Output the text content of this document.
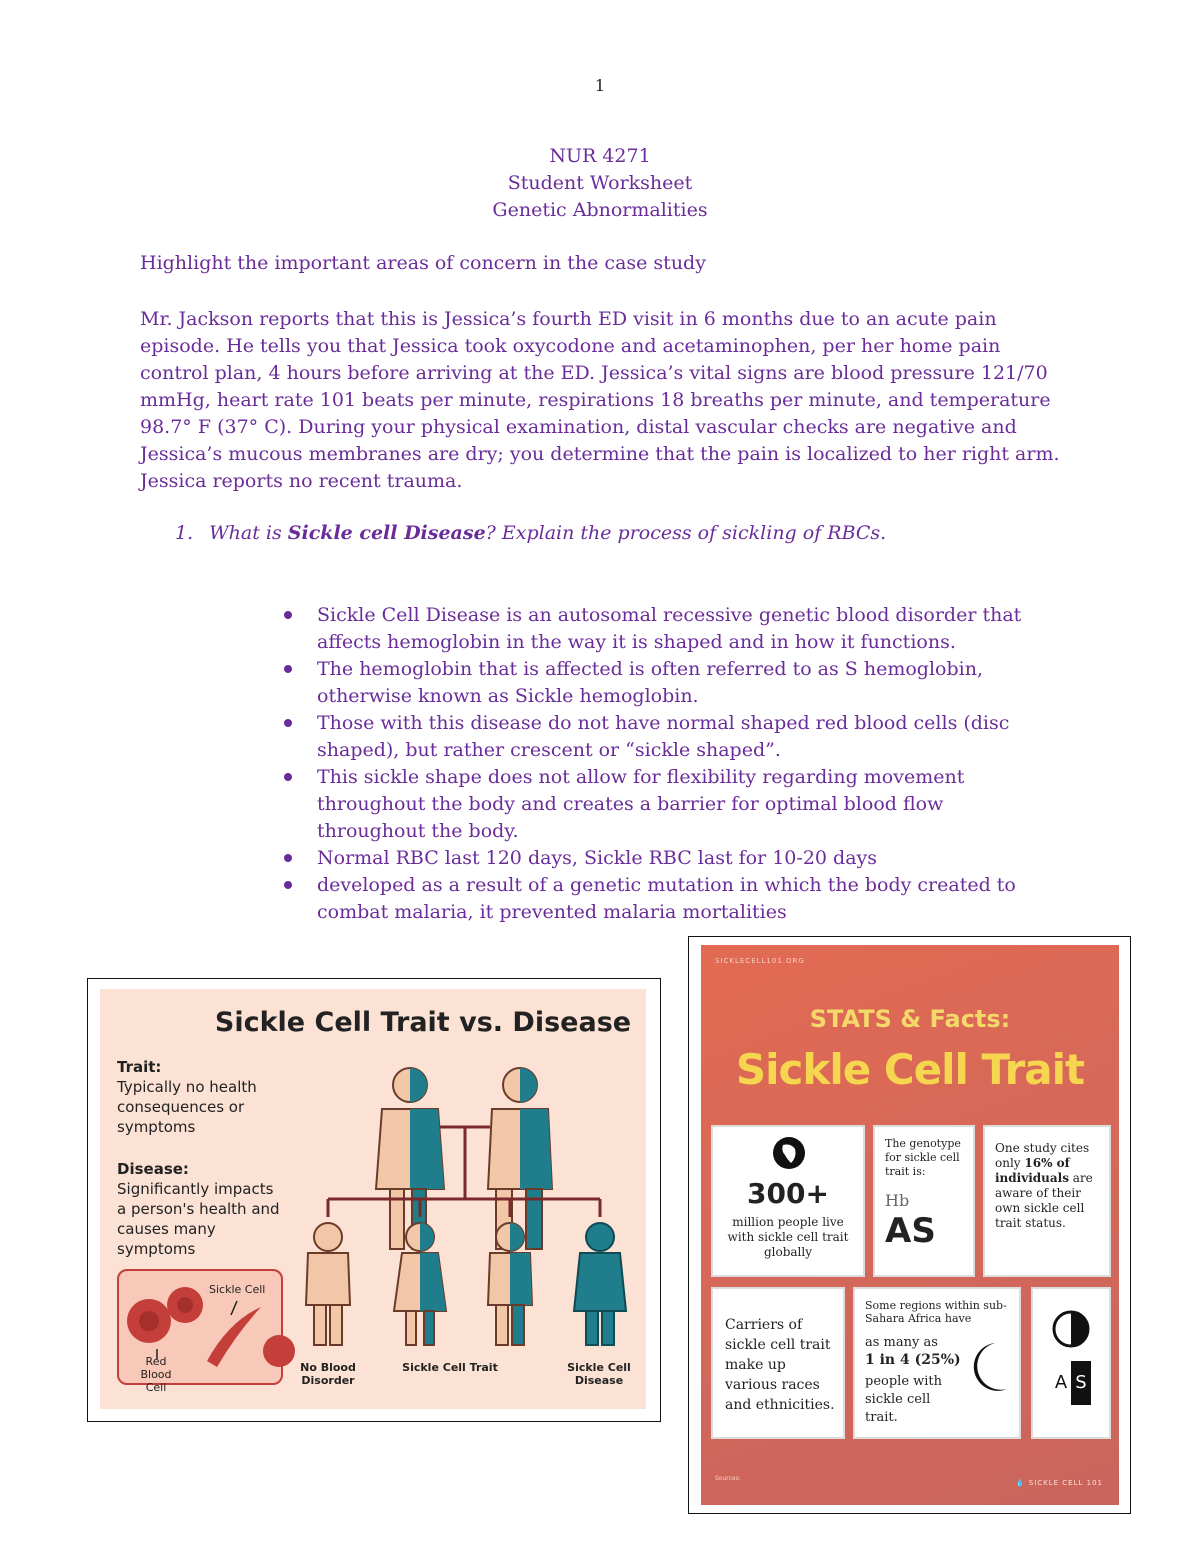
1
NUR 4271
Student Worksheet
Genetic Abnormalities
Highlight the important areas of concern in the case study
Mr. Jackson reports that this is Jessica’s fourth ED visit in 6 months due to an acute pain episode. He tells you that Jessica took oxycodone and acetaminophen, per her home pain control plan, 4 hours before arriving at the ED. Jessica’s vital signs are blood pressure 121/70 mmHg, heart rate 101 beats per minute, respirations 18 breaths per minute, and temperature 98.7° F (37° C). During your physical examination, distal vascular checks are negative and Jessica’s mucous membranes are dry; you determine that the pain is localized to her right arm. Jessica reports no recent trauma.
1. What is Sickle cell Disease? Explain the process of sickling of RBCs.
Sickle Cell Disease is an autosomal recessive genetic blood disorder that affects hemoglobin in the way it is shaped and in how it functions.
The hemoglobin that is affected is often referred to as S hemoglobin, otherwise known as Sickle hemoglobin.
Those with this disease do not have normal shaped red blood cells (disc shaped), but rather crescent or “sickle shaped”.
This sickle shape does not allow for flexibility regarding movement throughout the body and creates a barrier for optimal blood flow throughout the body.
Normal RBC last 120 days, Sickle RBC last for 10-20 days
developed as a result of a genetic mutation in which the body created to combat malaria, it prevented malaria mortalities
Sickle Cell Trait vs. Disease
Trait:
Typically no health consequences or symptoms
Disease:
Significantly impacts a person's health and causes many symptoms
Sickle Cell
Red Blood Cell
No Blood Disorder
Sickle Cell Trait	Sickle Cell Disease
SICKLECELL101.ORG
STATS & Facts:
Sickle Cell Trait
300+
million people live with sickle cell trait globally
The genotype for sickle cell trait is:
Hb
AS
One study cites only 16% of individuals are aware of their own sickle cell trait status.
Carriers of sickle cell trait make up various races and ethnicities.
Some regions within sub-Sahara Africa have
as many as
1 in 4 (25%)
people with sickle cell trait.
A S
Sources:
💧 SICKLE CELL 101
